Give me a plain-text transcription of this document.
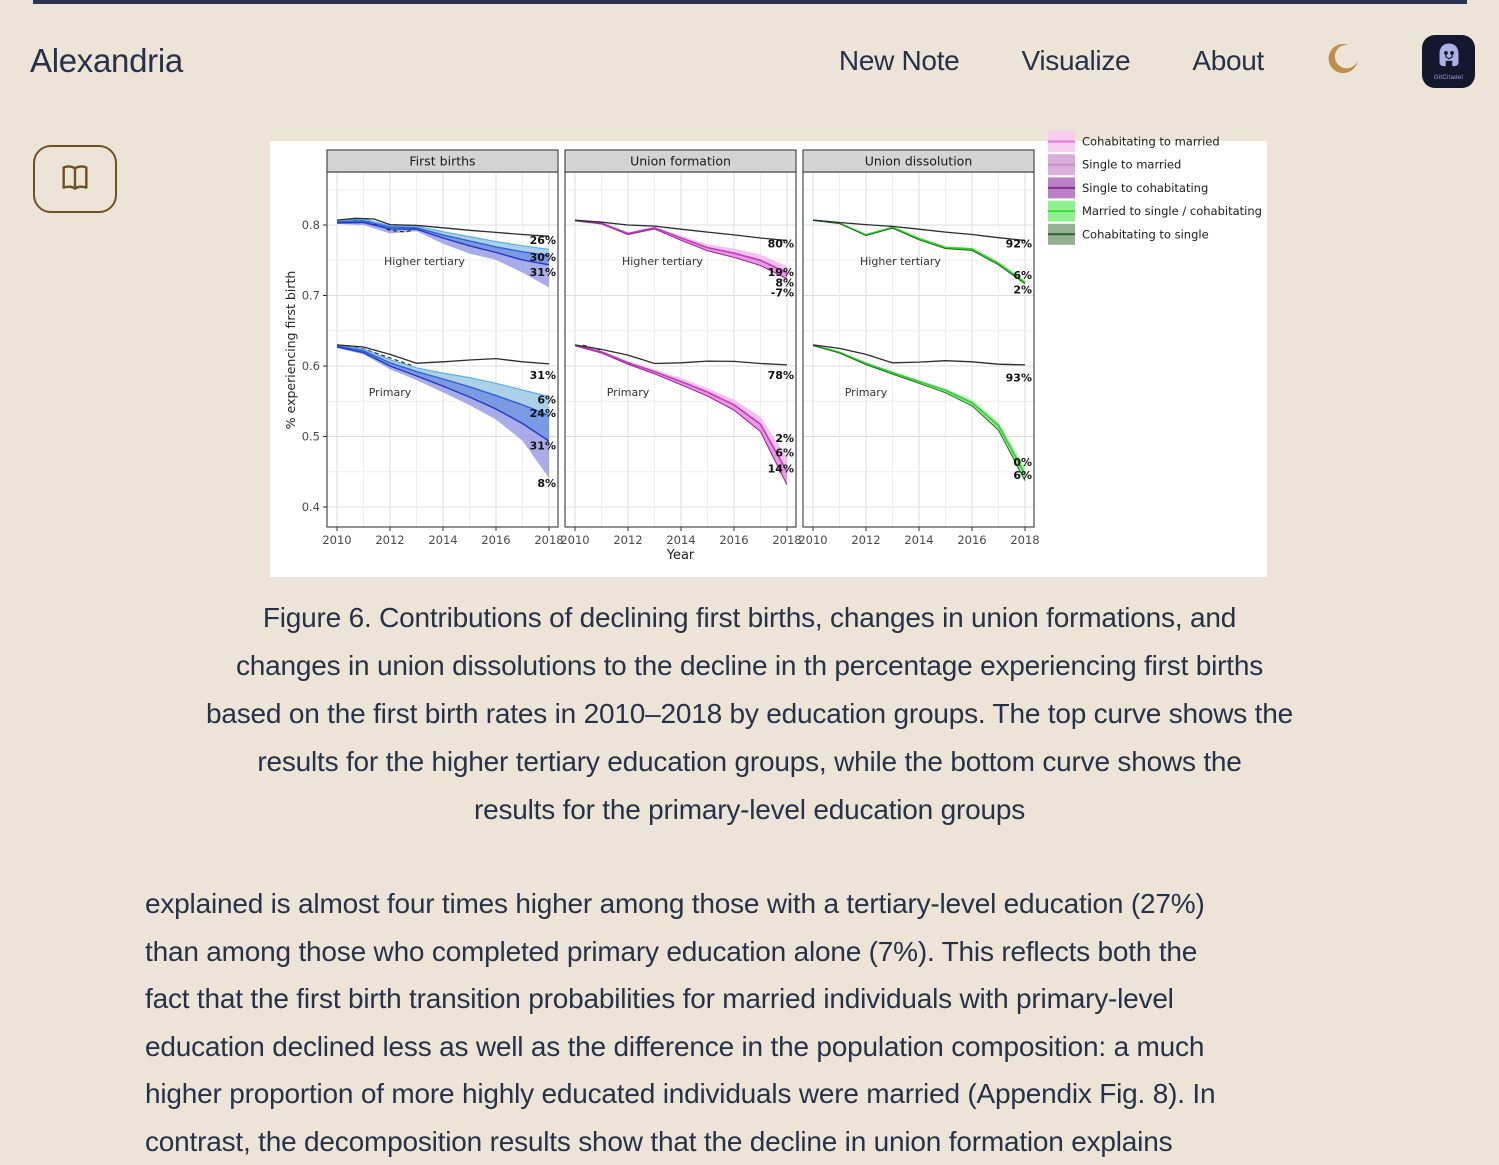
Alexandria	New Note Visualize About
GitCitadel
Higher tertiary
26%
30%
31%
Primary
31%
6%
24%
31%
8%
First births
2010 2012 2014 2016 2018
Higher tertiary
80%
19%
8%
-7%
Primary
78%
2%
6%
14%
Union formation
2010 2012 2014 2016 2018
Higher tertiary
92%
6%
2%
Primary
93%
0%
6%
Union dissolution
2010 2012 2014 2016 2018
0.4
0.5
0.6
0.7
0.8
% experiencing first birth
Year
Cohabitating to married
Single to married
Single to cohabitating
Married to single / cohabitating
Cohabitating to single
Figure 6. Contributions of declining first births, changes in union formations, and
changes in union dissolutions to the decline in th percentage experiencing first births
based on the first birth rates in 2010–2018 by education groups. The top curve shows the
results for the higher tertiary education groups, while the bottom curve shows the
results for the primary-level education groups
explained is almost four times higher among those with a tertiary-level education (27%)
than among those who completed primary education alone (7%). This reflects both the
fact that the first birth transition probabilities for married individuals with primary-level
education declined less as well as the difference in the population composition: a much
higher proportion of more highly educated individuals were married (Appendix Fig. 8). In
contrast, the decomposition results show that the decline in union formation explains
